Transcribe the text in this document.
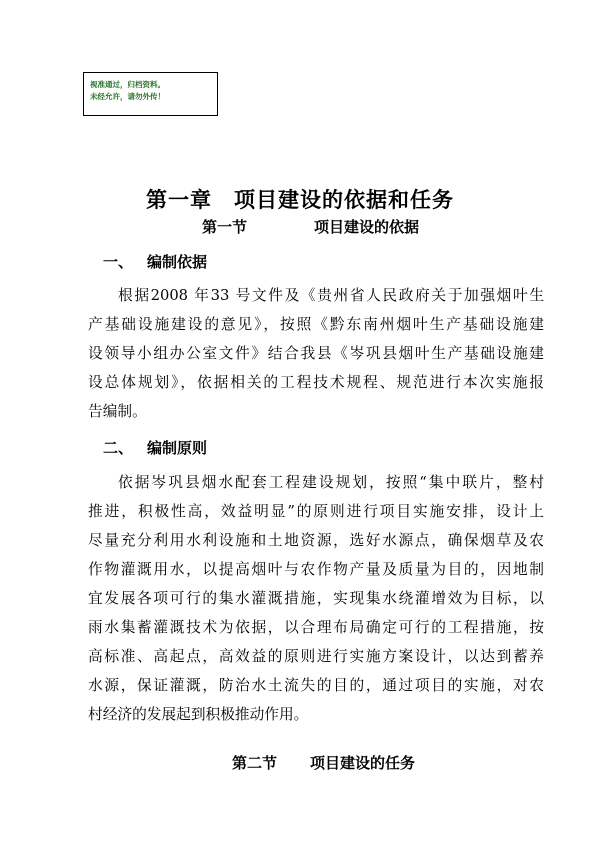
视准通过，归档资料。
未经允许，请勿外传！
第一章　项目建设的依据和任务
第一节	项目建设的依据
一、 编制依据
根据2008 年33 号文件及《贵州省人民政府关于加强烟叶生
产基础设施建设的意见》，按照《黔东南州烟叶生产基础设施建
设领导小组办公室文件》结合我县《岑巩县烟叶生产基础设施建
设总体规划》，依据相关的工程技术规程、规范进行本次实施报
告编制。
二、 编制原则
依据岑巩县烟水配套工程建设规划，按照“集中联片，整村
推进，积极性高，效益明显”的原则进行项目实施安排，设计上
尽量充分利用水利设施和土地资源，选好水源点，确保烟草及农
作物灌溉用水，以提高烟叶与农作物产量及质量为目的，因地制
宜发展各项可行的集水灌溉措施，实现集水绕灌增效为目标，以
雨水集蓄灌溉技术为依据，以合理布局确定可行的工程措施，按
高标准、高起点，高效益的原则进行实施方案设计，以达到蓄养
水源，保证灌溉，防治水土流失的目的，通过项目的实施，对农
村经济的发展起到积极推动作用。
第二节 项目建设的任务
